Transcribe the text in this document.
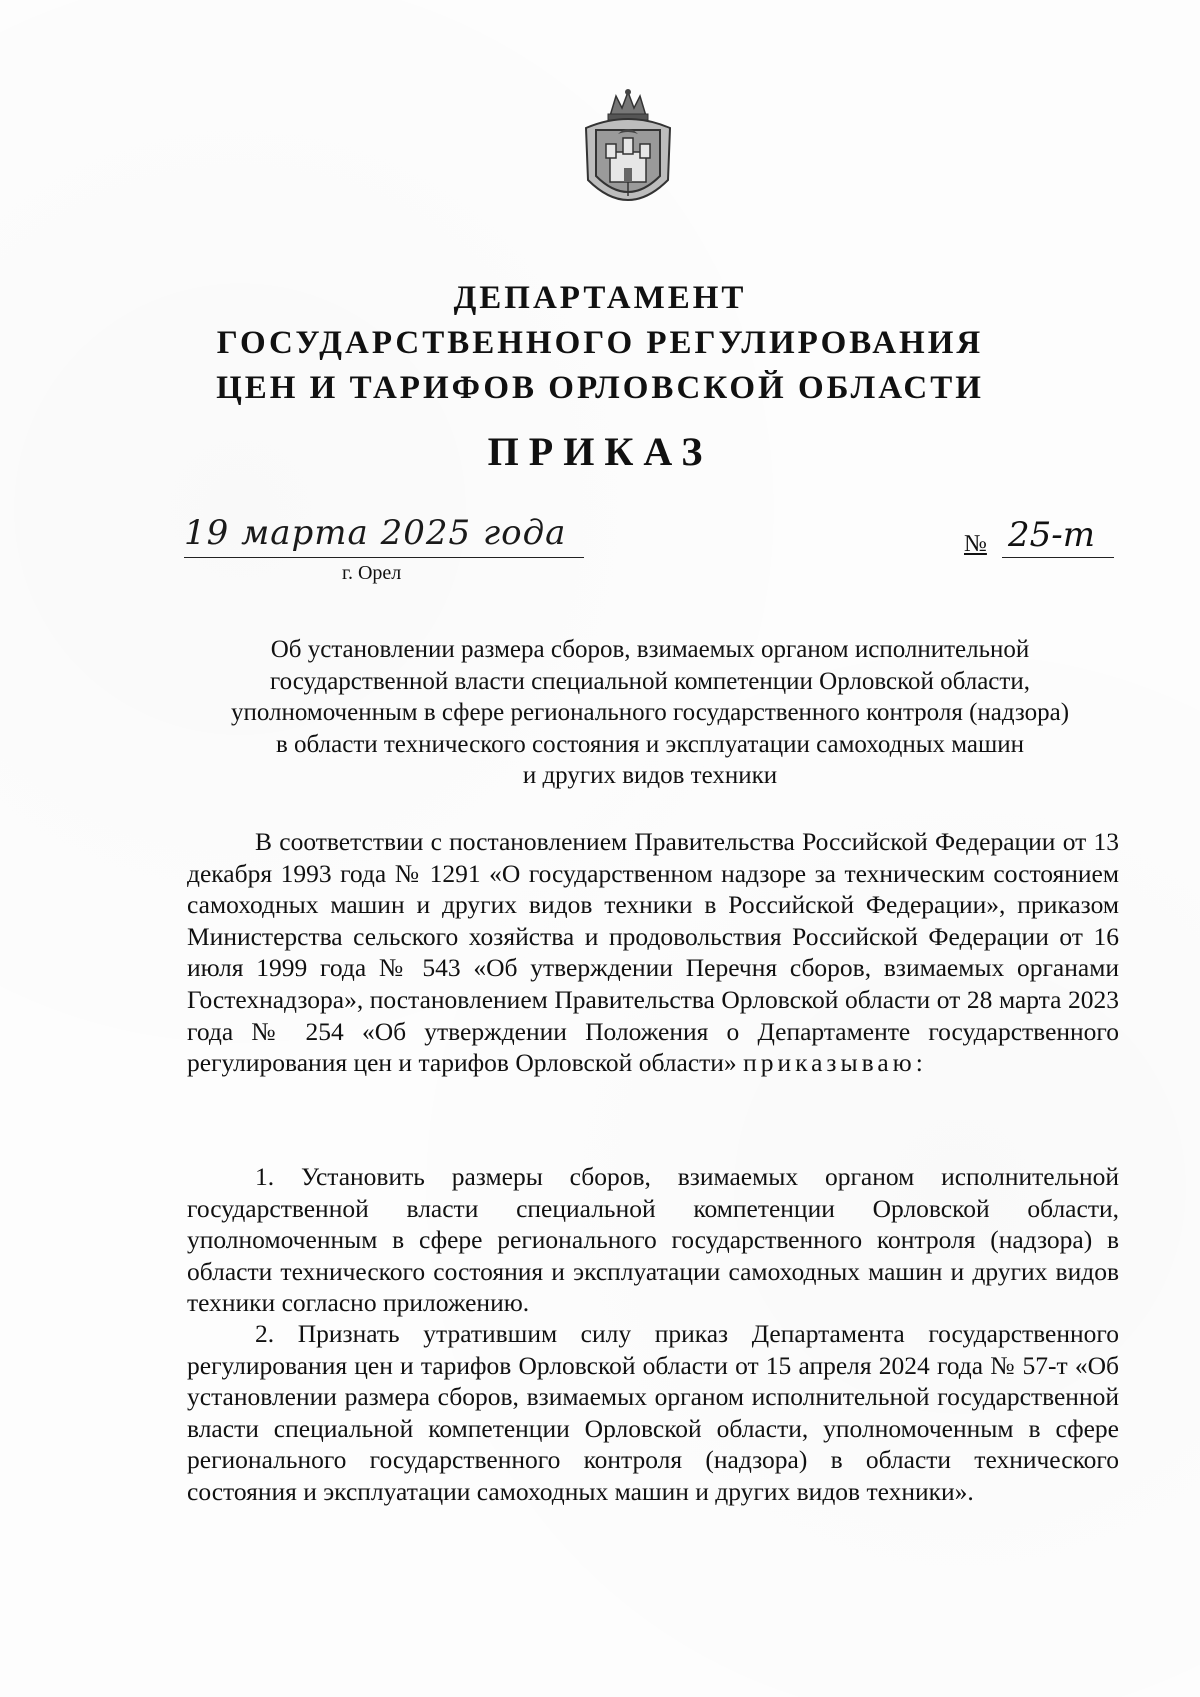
ДЕПАРТАМЕНТ
ГОСУДАРСТВЕННОГО РЕГУЛИРОВАНИЯ
ЦЕН И ТАРИФОВ ОРЛОВСКОЙ ОБЛАСТИ
ПРИКАЗ
19 марта 2025 года
г. Орел
№ 25-т
Об установлении размера сборов, взимаемых органом исполнительной
государственной власти специальной компетенции Орловской области,
уполномоченным в сфере регионального государственного контроля (надзора)
в области технического состояния и эксплуатации самоходных машин
и других видов техники
В соответствии с постановлением Правительства Российской Федерации от 13 декабря 1993 года № 1291 «О государственном надзоре за техническим состоянием самоходных машин и других видов техники в Российской Федерации», приказом Министерства сельского хозяйства и продовольствия Российской Федерации от 16 июля 1999 года № 543 «Об утверждении Перечня сборов, взимаемых органами Гостехнадзора», постановлением Правительства Орловской области от 28 марта 2023 года № 254 «Об утверждении Положения о Департаменте государственного регулирования цен и тарифов Орловской области» приказываю:
1. Установить размеры сборов, взимаемых органом исполнительной государственной власти специальной компетенции Орловской области, уполномоченным в сфере регионального государственного контроля (надзора) в области технического состояния и эксплуатации самоходных машин и других видов техники согласно приложению.
2. Признать утратившим силу приказ Департамента государственного регулирования цен и тарифов Орловской области от 15 апреля 2024 года № 57-т «Об установлении размера сборов, взимаемых органом исполнительной государственной власти специальной компетенции Орловской области, уполномоченным в сфере регионального государственного контроля (надзора) в области технического состояния и эксплуатации самоходных машин и других видов техники».
